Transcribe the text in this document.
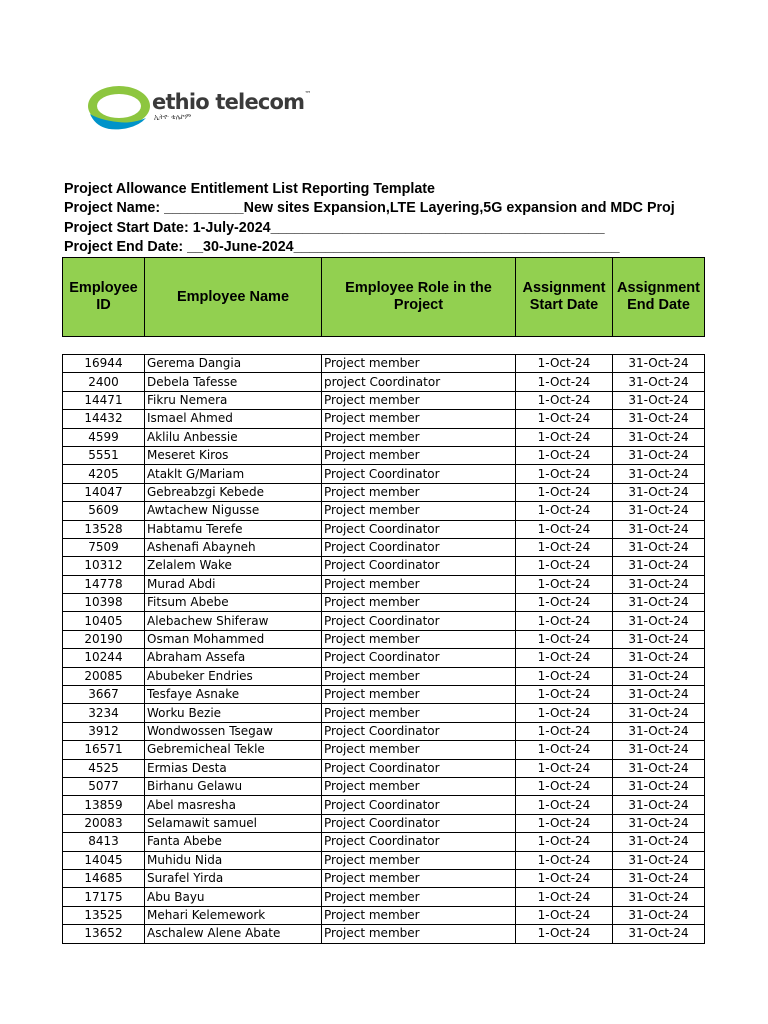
ethio telecom™
ኢትዮ ቴሌኮም
Project Allowance Entitlement List Reporting Template
Project Name: __________New sites Expansion,LTE Layering,5G expansion and MDC Proj
Project Start Date: 1-July-2024__________________________________________
Project End Date: __30-June-2024_________________________________________
Employee ID	Employee Name	Employee Role in the Project	Assignment Start Date	Assignment End Date
16944	Gerema Dangia	Project member	1-Oct-24	31-Oct-24
2400	Debela Tafesse	project Coordinator	1-Oct-24	31-Oct-24
14471	Fikru Nemera	Project member	1-Oct-24	31-Oct-24
14432	Ismael Ahmed	Project member	1-Oct-24	31-Oct-24
4599	Aklilu Anbessie	Project member	1-Oct-24	31-Oct-24
5551	Meseret Kiros	Project member	1-Oct-24	31-Oct-24
4205	Ataklt G/Mariam	Project Coordinator	1-Oct-24	31-Oct-24
14047	Gebreabzgi Kebede	Project member	1-Oct-24	31-Oct-24
5609	Awtachew Nigusse	Project member	1-Oct-24	31-Oct-24
13528	Habtamu Terefe	Project Coordinator	1-Oct-24	31-Oct-24
7509	Ashenafi Abayneh	Project Coordinator	1-Oct-24	31-Oct-24
10312	Zelalem Wake	Project Coordinator	1-Oct-24	31-Oct-24
14778	Murad Abdi	Project member	1-Oct-24	31-Oct-24
10398	Fitsum Abebe	Project member	1-Oct-24	31-Oct-24
10405	Alebachew Shiferaw	Project Coordinator	1-Oct-24	31-Oct-24
20190	Osman Mohammed	Project member	1-Oct-24	31-Oct-24
10244	Abraham Assefa	Project Coordinator	1-Oct-24	31-Oct-24
20085	Abubeker Endries	Project member	1-Oct-24	31-Oct-24
3667	Tesfaye Asnake	Project member	1-Oct-24	31-Oct-24
3234	Worku Bezie	Project member	1-Oct-24	31-Oct-24
3912	Wondwossen Tsegaw	Project Coordinator	1-Oct-24	31-Oct-24
16571	Gebremicheal Tekle	Project member	1-Oct-24	31-Oct-24
4525	Ermias Desta	Project Coordinator	1-Oct-24	31-Oct-24
5077	Birhanu Gelawu	Project member	1-Oct-24	31-Oct-24
13859	Abel masresha	Project Coordinator	1-Oct-24	31-Oct-24
20083	Selamawit samuel	Project Coordinator	1-Oct-24	31-Oct-24
8413	Fanta Abebe	Project Coordinator	1-Oct-24	31-Oct-24
14045	Muhidu Nida	Project member	1-Oct-24	31-Oct-24
14685	Surafel Yirda	Project member	1-Oct-24	31-Oct-24
17175	Abu Bayu	Project member	1-Oct-24	31-Oct-24
13525	Mehari Kelemework	Project member	1-Oct-24	31-Oct-24
13652	Aschalew Alene Abate	Project member	1-Oct-24	31-Oct-24
